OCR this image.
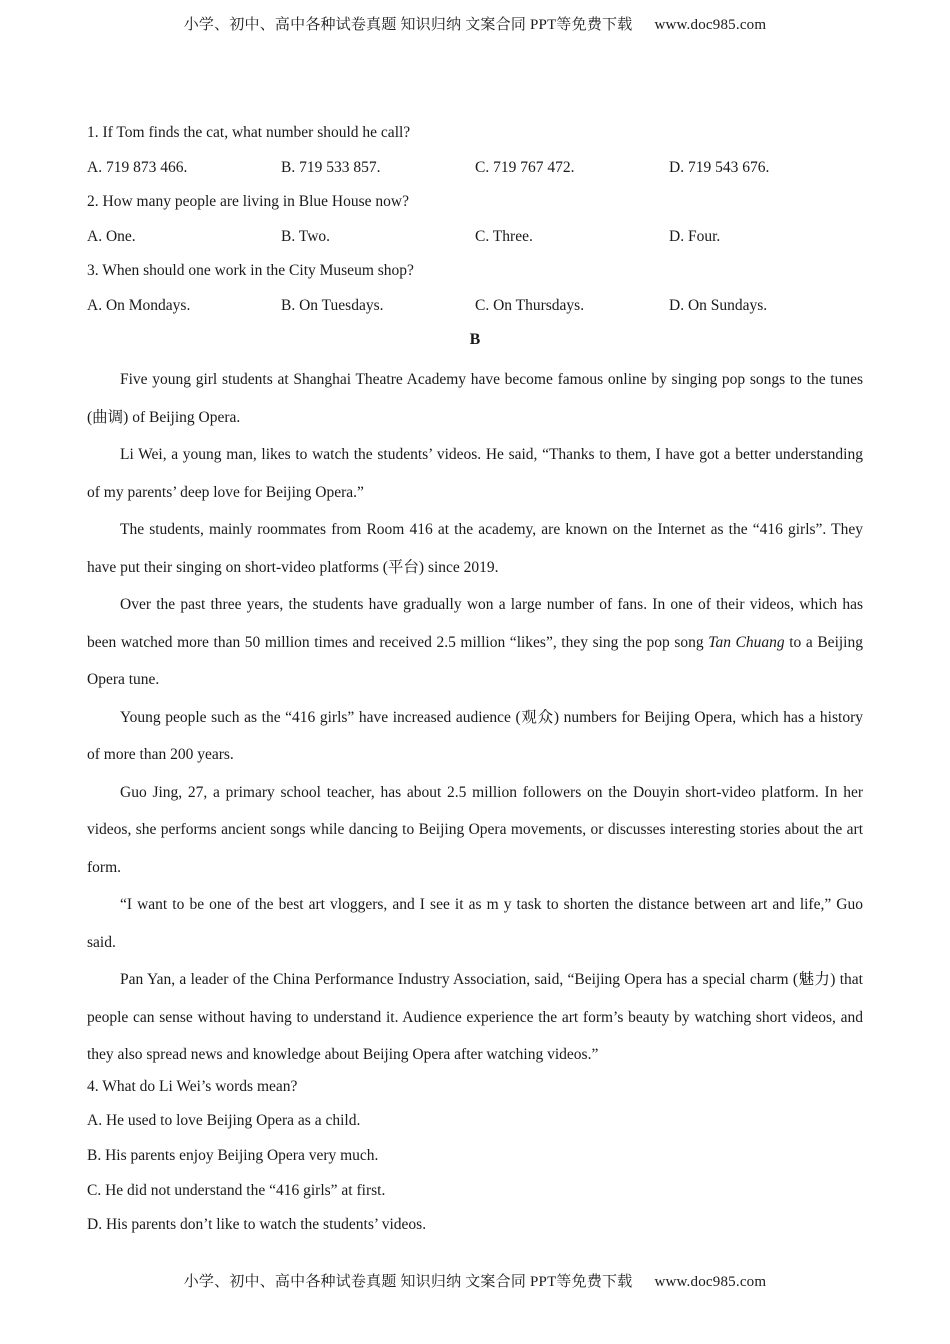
小学、初中、高中各种试卷真题 知识归纳 文案合同 PPT等免费下载 www.doc985.com
1. If Tom finds the cat, what number should he call?
A. 719 873 466.	B. 719 533 857.	C. 719 767 472.	D. 719 543 676.
2. How many people are living in Blue House now?
A. One.	B. Two.	C. Three.	D. Four.
3. When should one work in the City Museum shop?
A. On Mondays.	B. On Tuesdays.	C. On Thursdays.	D. On Sundays.
B

Five young girl students at Shanghai Theatre Academy have become famous online by singing pop songs to the tunes (曲调) of Beijing Opera.

Li Wei, a young man, likes to watch the students’ videos. He said, “Thanks to them, I have got a better understanding of my parents’ deep love for Beijing Opera.”

The students, mainly roommates from Room 416 at the academy, are known on the Internet as the “416 girls”. They have put their singing on short-video platforms (平台) since 2019.

Over the past three years, the students have gradually won a large number of fans. In one of their videos, which has been watched more than 50 million times and received 2.5 million “likes”, they sing the pop song Tan Chuang to a Beijing Opera tune.

Young people such as the “416 girls” have increased audience (观众) numbers for Beijing Opera, which has a history of more than 200 years.

Guo Jing, 27, a primary school teacher, has about 2.5 million followers on the Douyin short-video platform. In her videos, she performs ancient songs while dancing to Beijing Opera movements, or discusses interesting stories about the art form.

“I want to be one of the best art vloggers, and I see it as m y task to shorten the distance between art and life,” Guo said.

Pan Yan, a leader of the China Performance Industry Association, said, “Beijing Opera has a special charm (魅力) that people can sense without having to understand it. Audience experience the art form’s beauty by watching short videos, and they also spread news and knowledge about Beijing Opera after watching videos.”

4. What do Li Wei’s words mean?
A. He used to love Beijing Opera as a child.
B. His parents enjoy Beijing Opera very much.
C. He did not understand the “416 girls” at first.
D. His parents don’t like to watch the students’ videos.
小学、初中、高中各种试卷真题 知识归纳 文案合同 PPT等免费下载 www.doc985.com
